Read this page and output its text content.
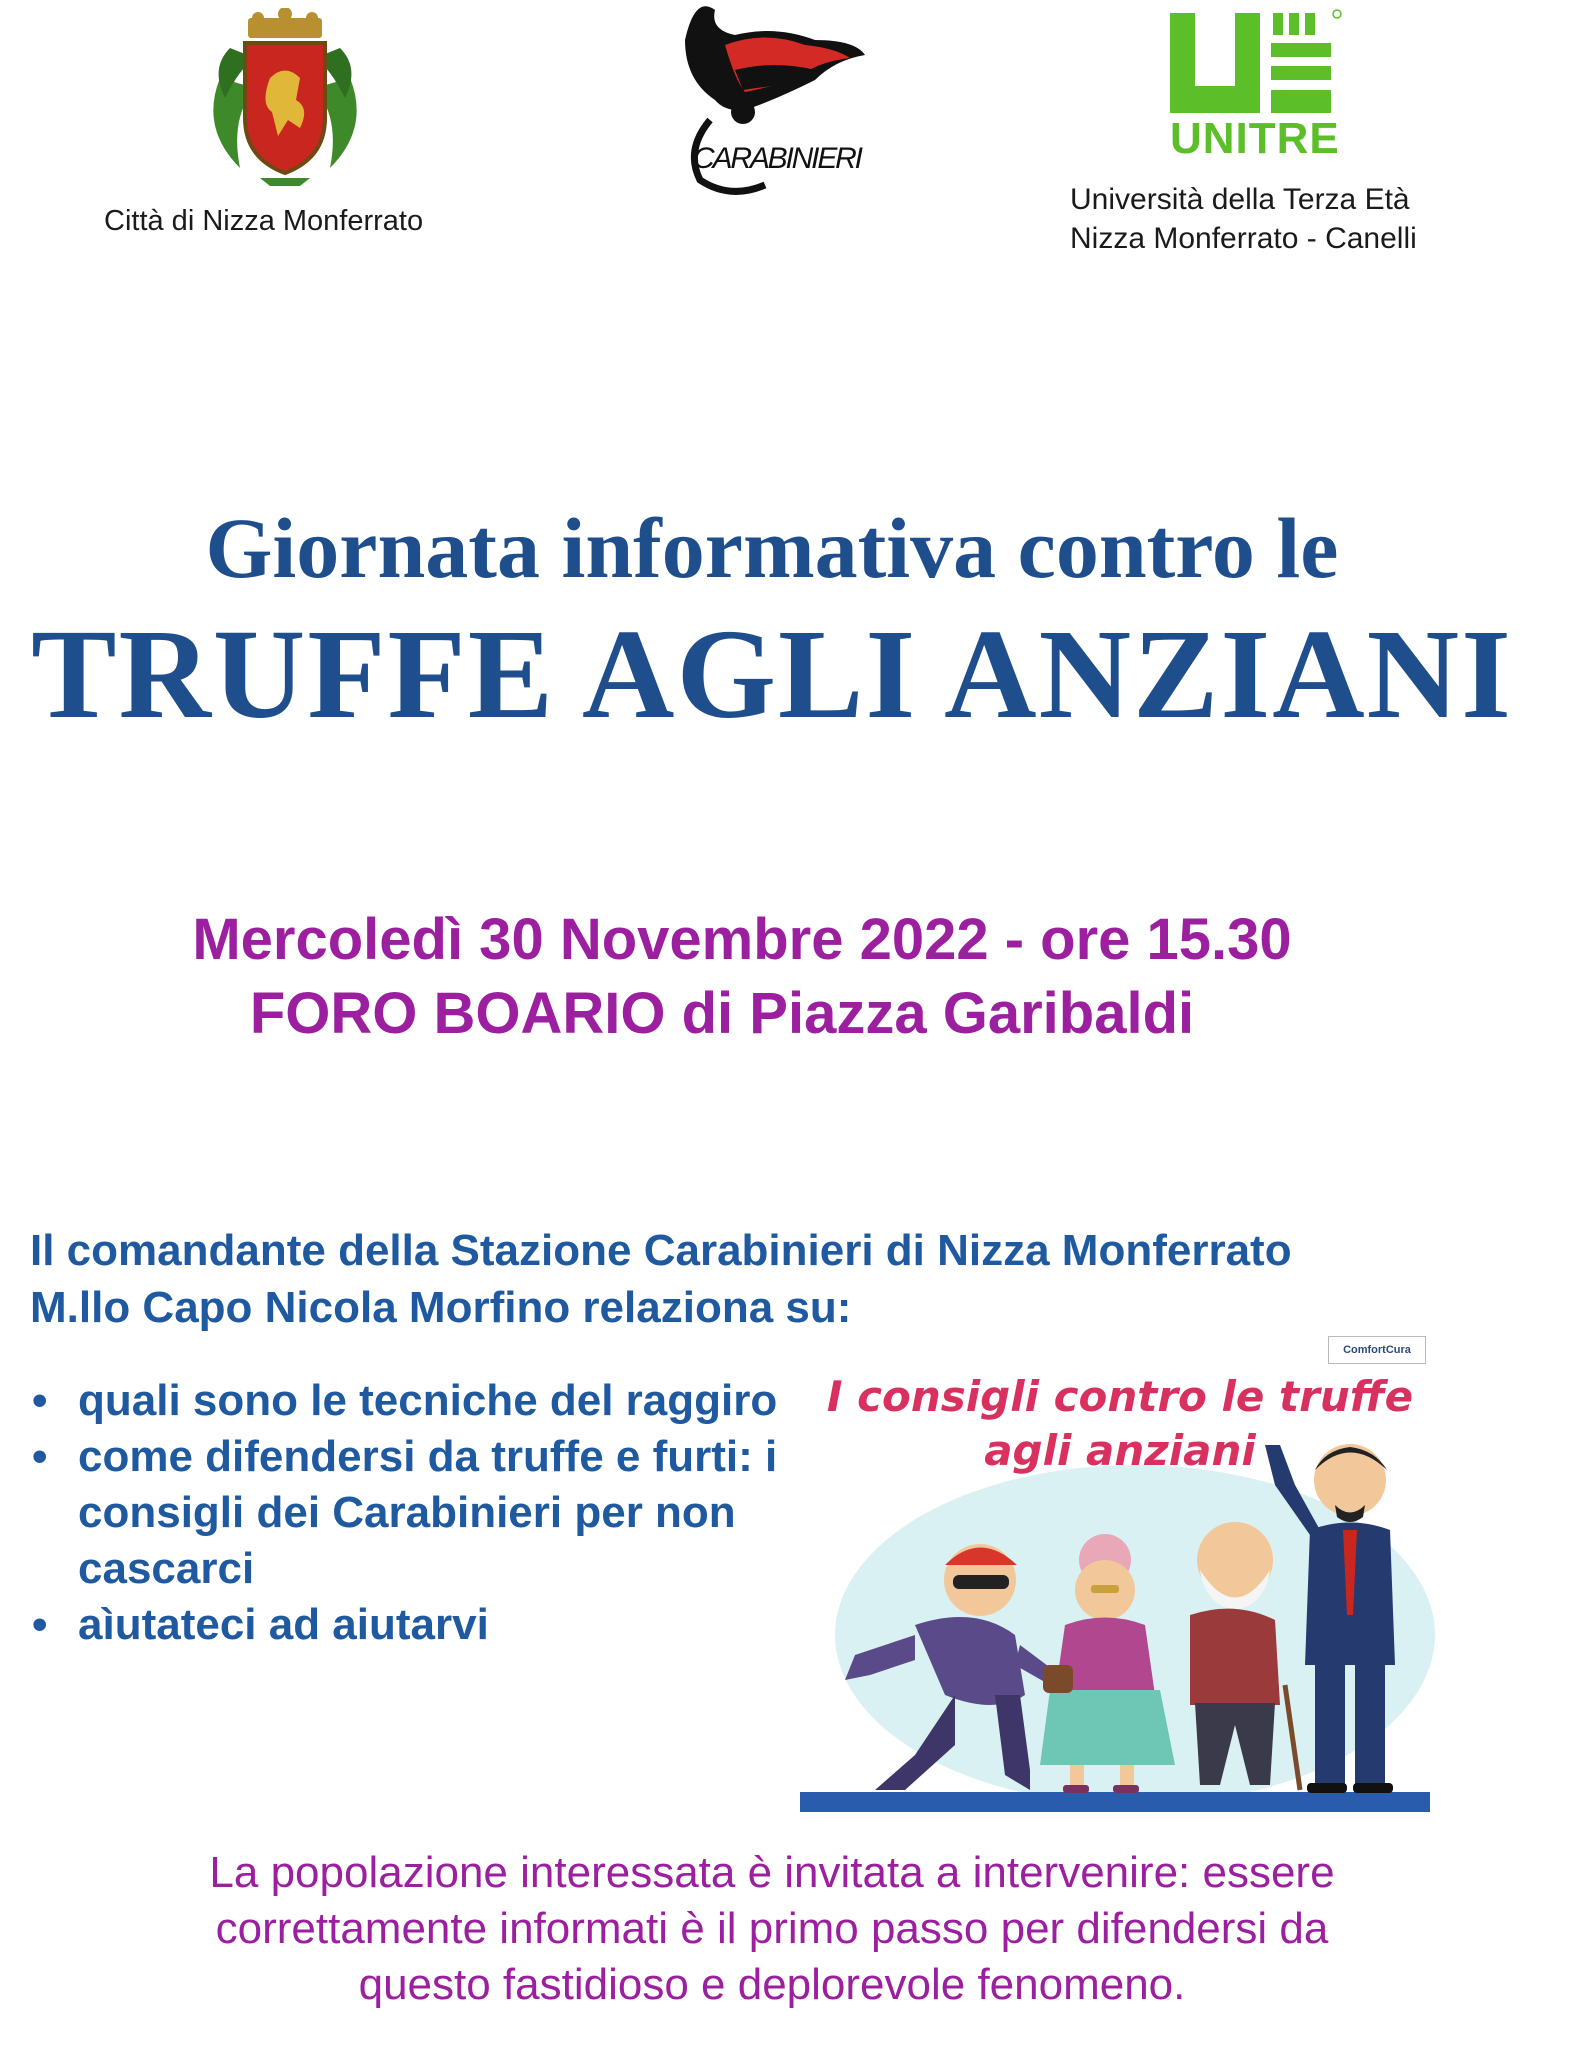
Città di Nizza Monferrato
CARABINIERI	UNITRE
Università della Terza Età
Nizza Monferrato - Canelli
Giornata informativa contro le
TRUFFE AGLI ANZIANI
Mercoledì 30 Novembre 2022 - ore 15.30
FORO BOARIO di Piazza Garibaldi
Il comandante della Stazione Carabinieri di Nizza Monferrato
M.llo Capo Nicola Morfino relaziona su:
• quali sono le tecniche del raggiro
• come difendersi da truffe e furti: i consigli dei Carabinieri per non cascarci
• aìutateci ad aiutarvi
I consigli contro le truffe
agli anziani
ComfortCura
La popolazione interessata è invitata a intervenire: essere
correttamente informati è il primo passo per difendersi da
questo fastidioso e deplorevole fenomeno.
